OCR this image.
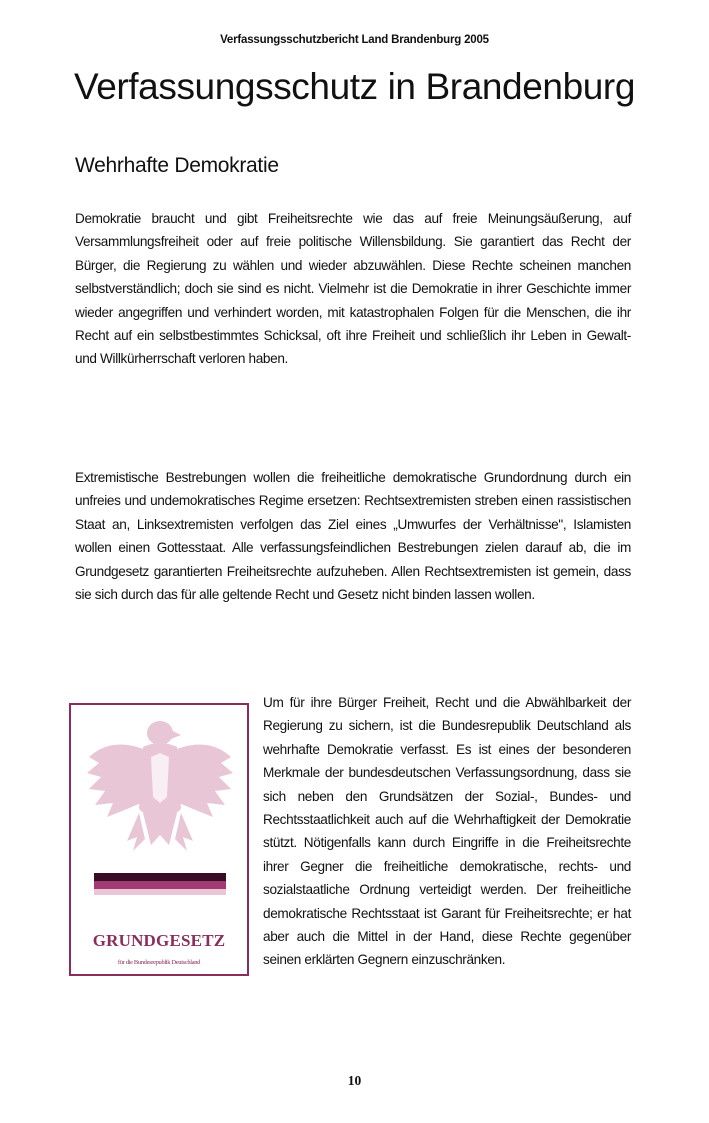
Verfassungsschutzbericht Land Brandenburg 2005
Verfassungsschutz in Brandenburg
Wehrhafte Demokratie

Demokratie braucht und gibt Freiheitsrechte wie das auf freie Meinungsäußerung, auf Versammlungsfreiheit oder auf freie politische Willensbildung. Sie garantiert das Recht der Bürger, die Regierung zu wählen und wieder abzuwählen. Diese Rechte scheinen manchen selbstverständlich; doch sie sind es nicht. Vielmehr ist die Demokratie in ihrer Geschichte immer wieder angegriffen und verhindert worden, mit katastrophalen Folgen für die Menschen, die ihr Recht auf ein selbstbestimmtes Schicksal, oft ihre Freiheit und schließlich ihr Leben in Gewalt- und Willkürherrschaft verloren haben.

Extremistische Bestrebungen wollen die freiheitliche demokratische Grundordnung durch ein unfreies und undemokratisches Regime ersetzen: Rechtsextremisten streben einen rassistischen Staat an, Linksextremisten verfolgen das Ziel eines „Umwurfes der Verhältnisse", Islamisten wollen einen Gottesstaat. Alle verfassungsfeindlichen Bestrebungen zielen darauf ab, die im Grundgesetz garantierten Freiheitsrechte aufzuheben. Allen Rechtsextremisten ist gemein, dass sie sich durch das für alle geltende Recht und Gesetz nicht binden lassen wollen.

GRUNDGESETZ
für die Bundesrepublik Deutschland
Um für ihre Bürger Freiheit, Recht und die Abwählbarkeit der Regierung zu sichern, ist die Bundesrepublik Deutschland als wehrhafte Demokratie verfasst. Es ist eines der besonderen Merkmale der bundesdeutschen Verfassungsordnung, dass sie sich neben den Grundsätzen der Sozial-, Bundes- und Rechtsstaatlichkeit auch auf die Wehrhaftigkeit der Demokratie stützt. Nötigenfalls kann durch Eingriffe in die Freiheitsrechte ihrer Gegner die freiheitliche demokratische, rechts- und sozialstaatliche Ordnung verteidigt werden. Der freiheitliche demokratische Rechtsstaat ist Garant für Freiheitsrechte; er hat aber auch die Mittel in der Hand, diese Rechte gegenüber seinen erklärten Gegnern einzuschränken.
10
